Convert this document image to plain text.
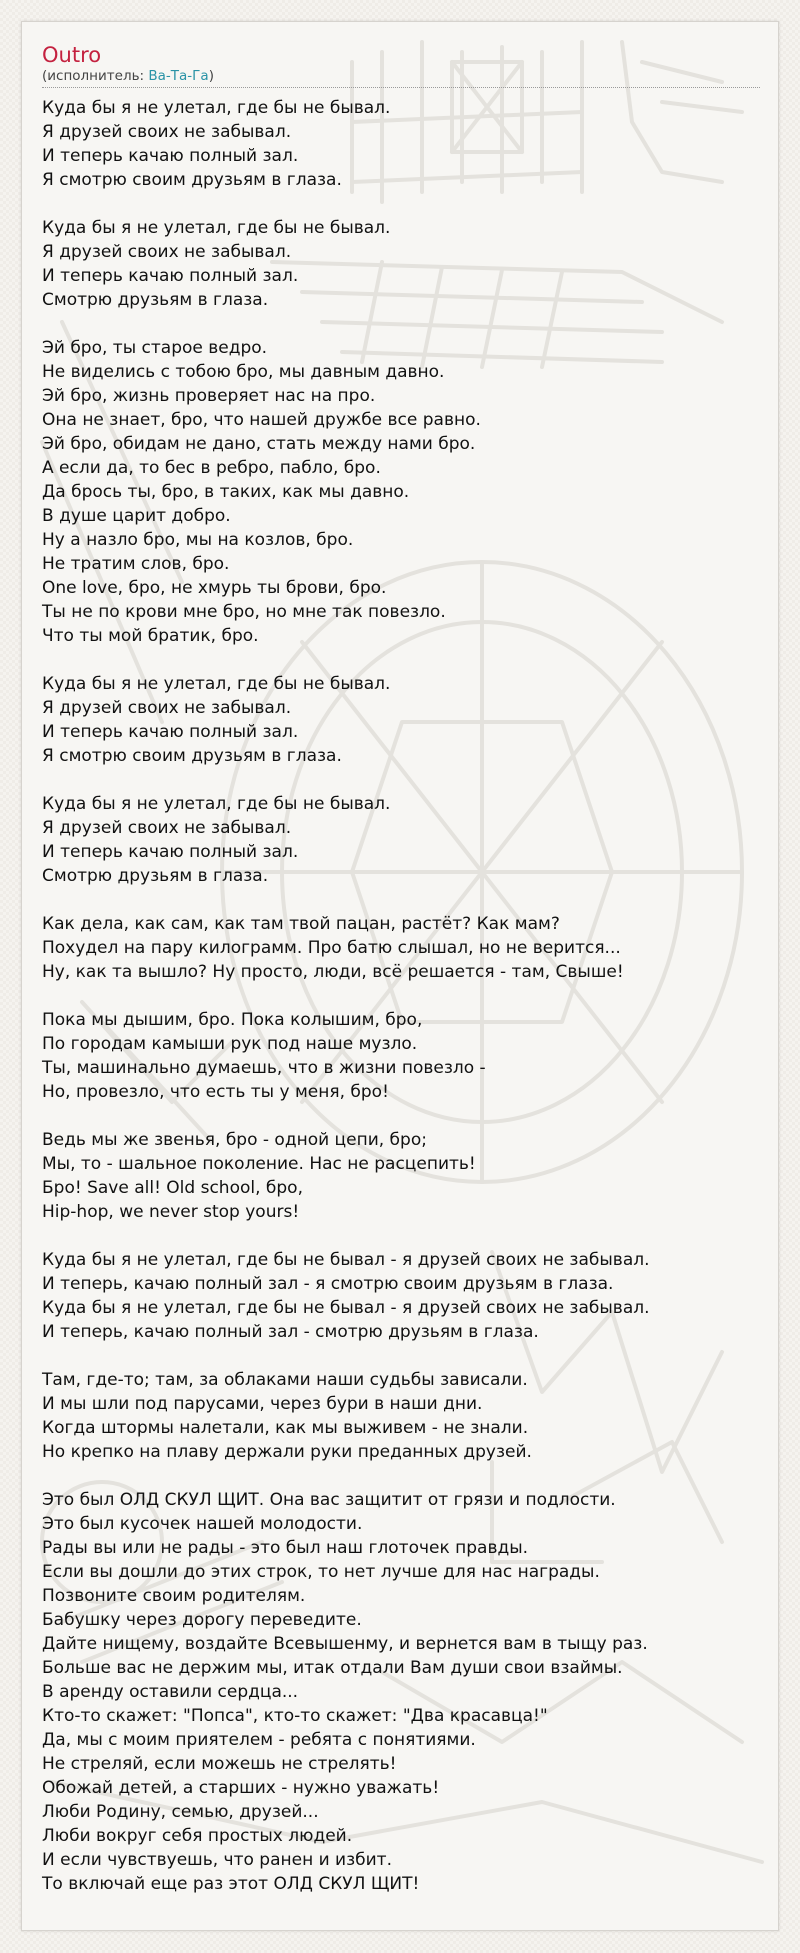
Outro
(исполнитель: Ва-Та-Га)
Куда бы я не улетал, где бы не бывал.
Я друзей своих не забывал.
И теперь качаю полный зал.
Я смотрю своим друзьям в глаза.
Куда бы я не улетал, где бы не бывал.
Я друзей своих не забывал.
И теперь качаю полный зал.
Смотрю друзьям в глаза.
Эй бро, ты старое ведро.
Не виделись с тобою бро, мы давным давно.
Эй бро, жизнь проверяет нас на про.
Она не знает, бро, что нашей дружбе все равно.
Эй бро, обидам не дано, стать между нами бро.
А если да, то бес в ребро, пабло, бро.
Да брось ты, бро, в таких, как мы давно.
В душе царит добро.
Ну а назло бро, мы на козлов, бро.
Не тратим слов, бро.
One love, бро, не хмурь ты брови, бро.
Ты не по крови мне бро, но мне так повезло.
Что ты мой братик, бро.
Куда бы я не улетал, где бы не бывал.
Я друзей своих не забывал.
И теперь качаю полный зал.
Я смотрю своим друзьям в глаза.
Куда бы я не улетал, где бы не бывал.
Я друзей своих не забывал.
И теперь качаю полный зал.
Смотрю друзьям в глаза.
Как дела, как сам, как там твой пацан, растёт? Как мам?
Похудел на пару килограмм. Про батю слышал, но не верится...
Ну, как та вышло? Ну просто, люди, всё решается - там, Свыше!
Пока мы дышим, бро. Пока колышим, бро,
По городам камыши рук под наше музло.
Ты, машинально думаешь, что в жизни повезло -
Но, провезло, что есть ты у меня, бро!
Ведь мы же звенья, бро - одной цепи, бро;
Мы, то - шальное поколение. Нас не расцепить!
Бро! Save all! Old school, бро,
Hip-hop, we never stop yours!
Куда бы я не улетал, где бы не бывал - я друзей своих не забывал.
И теперь, качаю полный зал - я смотрю своим друзьям в глаза.
Куда бы я не улетал, где бы не бывал - я друзей своих не забывал.
И теперь, качаю полный зал - смотрю друзьям в глаза.
Там, где-то; там, за облаками наши судьбы зависали.
И мы шли под парусами, через бури в наши дни.
Когда штормы налетали, как мы выживем - не знали.
Но крепко на плаву держали руки преданных друзей.
Это был ОЛД СКУЛ ЩИТ. Она вас защитит от грязи и подлости.
Это был кусочек нашей молодости.
Рады вы или не рады - это был наш глоточек правды.
Если вы дошли до этих строк, то нет лучше для нас награды.
Позвоните своим родителям.
Бабушку через дорогу переведите.
Дайте нищему, воздайте Всевышенму, и вернется вам в тыщу раз.
Больше вас не держим мы, итак отдали Вам души свои взаймы.
В аренду оставили сердца...
Кто-то скажет: "Попса", кто-то скажет: "Два красавца!"
Да, мы с моим приятелем - ребята с понятиями.
Не стреляй, если можешь не стрелять!
Обожай детей, а старших - нужно уважать!
Люби Родину, семью, друзей...
Люби вокруг себя простых людей.
И если чувствуешь, что ранен и избит.
То включай еще раз этот ОЛД СКУЛ ЩИТ!
